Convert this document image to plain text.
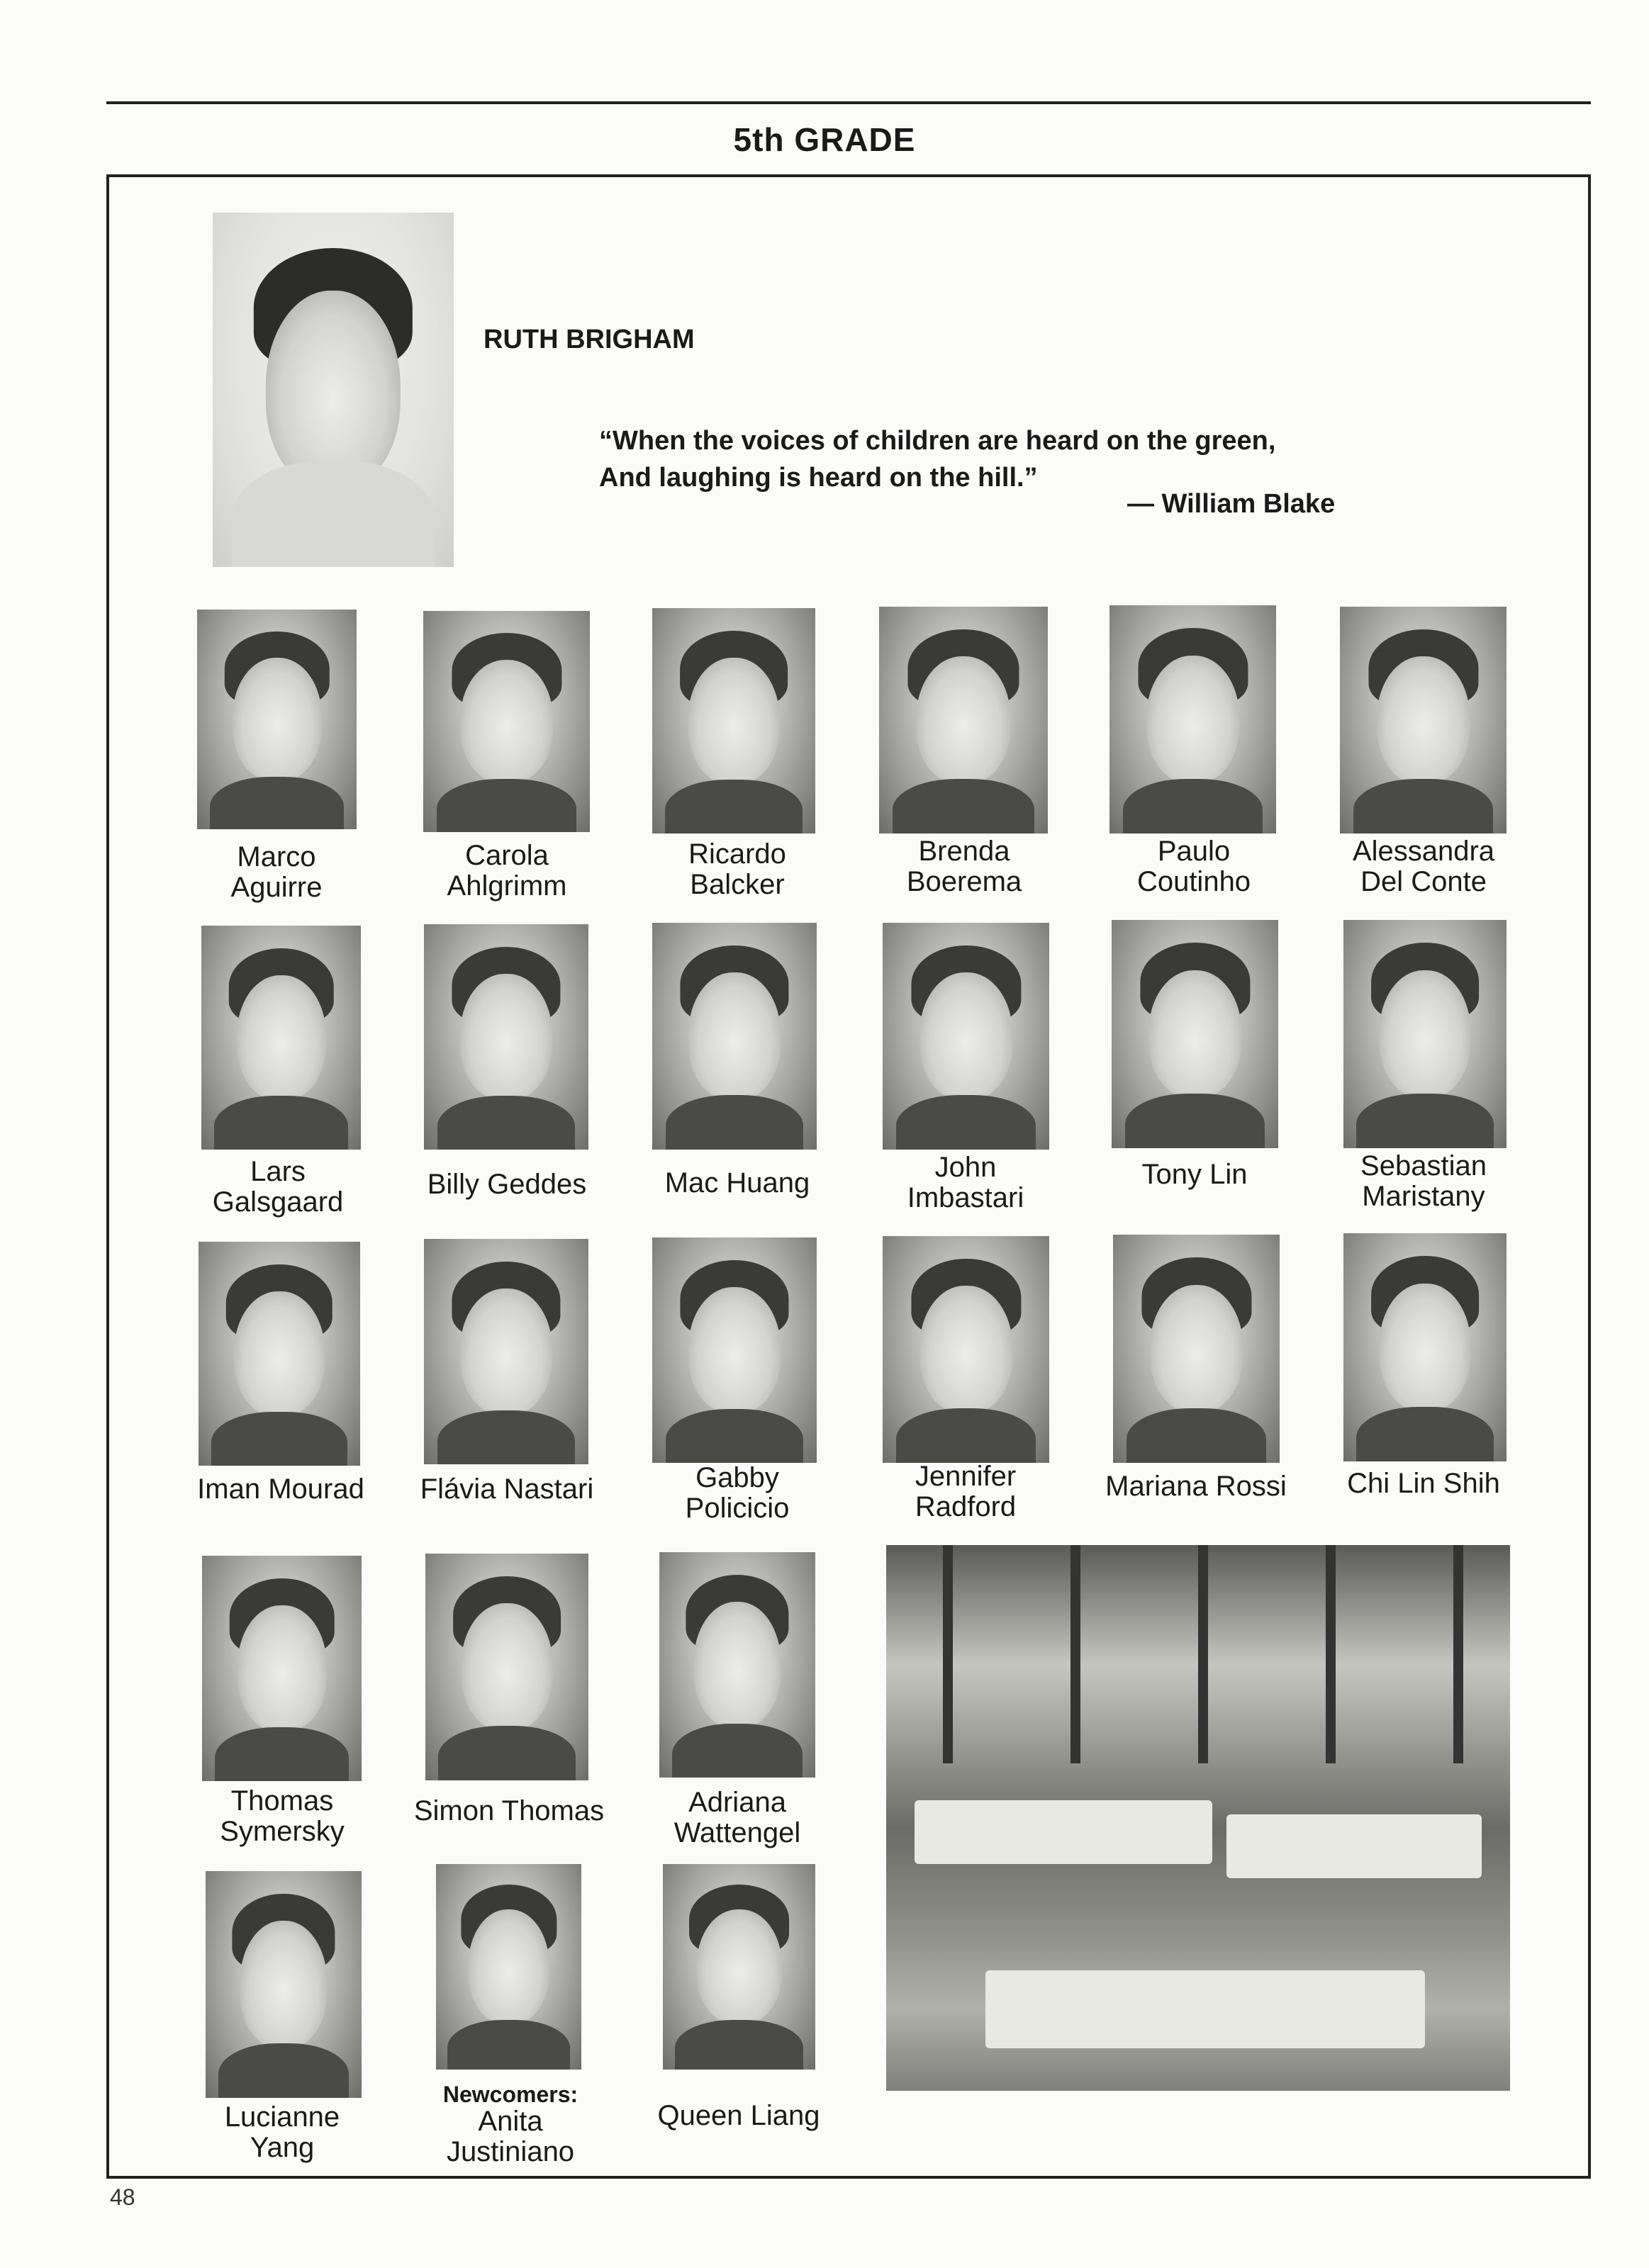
5th GRADE
RUTH BRIGHAM
“When the voices of children are heard on the green,
And laughing is heard on the hill.”
— William Blake
Marco
Aguirre
Carola
Ahlgrimm
Ricardo
Balcker
Brenda
Boerema
Paulo
Coutinho
Alessandra
Del Conte
Lars
Galsgaard
Billy Geddes	Mac Huang	John
Imbastari
Tony Lin	Sebastian
Maristany
Iman Mourad	Flávia Nastari	Gabby
Policicio
Jennifer
Radford
Mariana Rossi	Chi Lin Shih
Thomas
Symersky
Simon Thomas	Adriana
Wattengel
Lucianne
Yang
Newcomers:
Anita
Justiniano
Queen Liang
48
